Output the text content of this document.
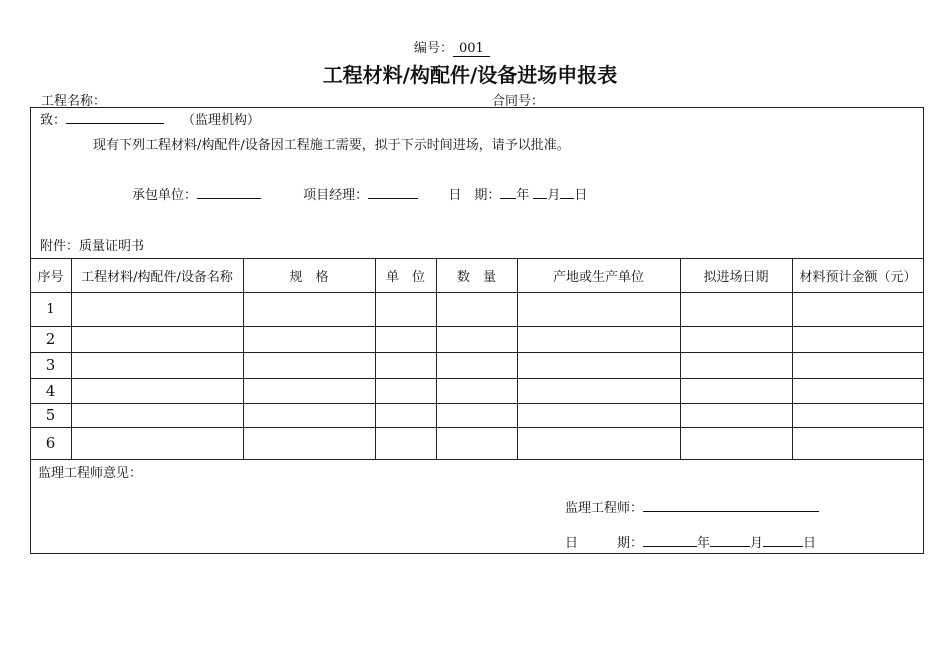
编号： 001
工程材料/构配件/设备进场申报表
工程名称：	合同号：
致：	（监理机构）
现有下列工程材料/构配件/设备因工程施工需要，拟于下示时间进场，请予以批准。
承包单位：	项目经理：	日　期： 年 月 日
附件：质量证明书
序号	工程材料/构配件/设备名称	规　格	单　位	数　量	产地或生产单位	拟进场日期	材料预计金额（元）
1
2
3
4
5
6
监理工程师意见：
监理工程师：
日　　　期：	年	月	日
